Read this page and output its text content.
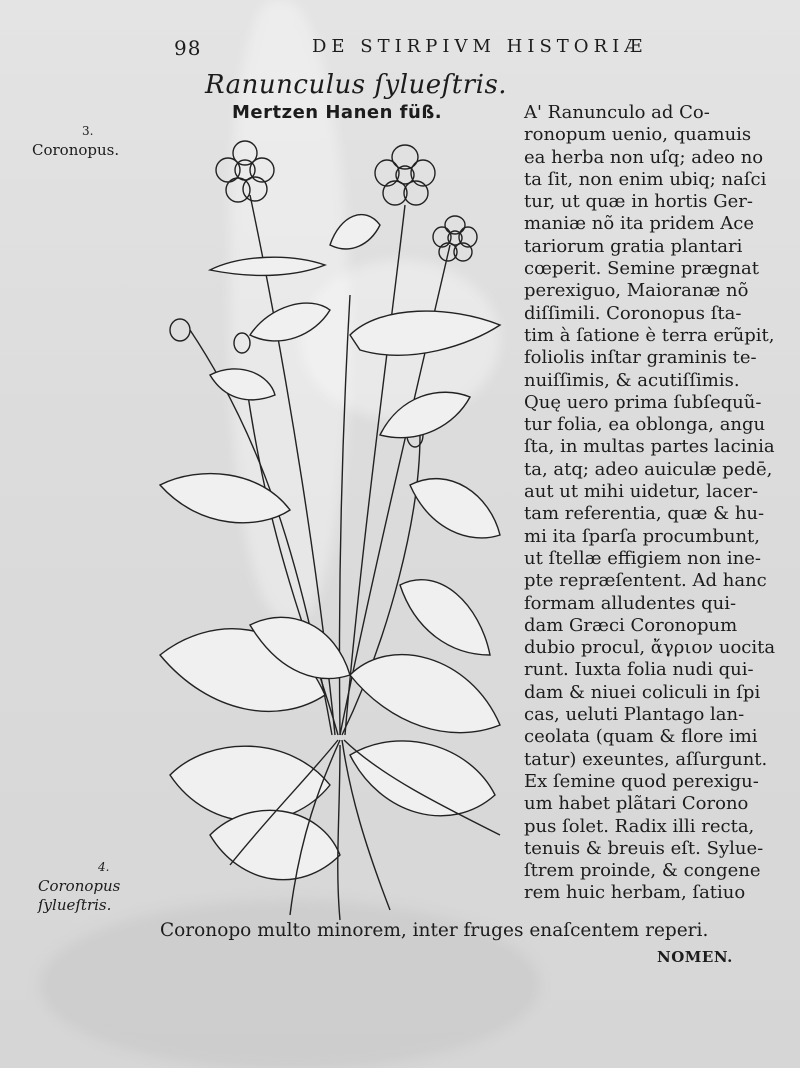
98	DE STIRPIVM HISTORIÆ
Ranunculus ſylueſtris.
Mertzen Hanen füß.
3.
Coronopus.
4.
Coronopus ſylueſtris.
A' Ranunculo ad Co-
ronopum uenio, quamuis
ea herba non uſq; adeo no
ta ſit, non enim ubiq; naſci
tur, ut quæ in hortis Ger-
maniæ nõ ita pridem Ace
tariorum gratia plantari
cœperit. Semine prægnat
perexiguo, Maioranæ nõ
diſſimili. Coronopus ſta-
tim à ſatione è terra erũpit,
foliolis inſtar graminis te-
nuiſſimis, & acutiſſimis.
Quę uero prima ſubſequũ-
tur folia, ea oblonga, angu
ſta, in multas partes lacinia
ta, atq; adeo auiculæ pedē,
aut ut mihi uidetur, lacer-
tam referentia, quæ & hu-
mi ita ſparſa procumbunt,
ut ſtellæ effigiem non ine-
pte repræſentent. Ad hanc
formam alludentes qui-
dam Græci Coronopum
dubio procul, ἄγριον uocita
runt. Iuxta folia nudi qui-
dam & niuei coliculi in ſpi
cas, ueluti Plantago lan-
ceolata (quam & flore imi
tatur) exeuntes, aſſurgunt.
Ex ſemine quod perexigu-
um habet plãtari Corono
pus ſolet. Radix illi recta,
tenuis & breuis eſt. Sylue-
ſtrem proinde, & congene
rem huic herbam, ſatiuo
Coronopo multo minorem, inter fruges enaſcentem reperi.
NOMEN.
